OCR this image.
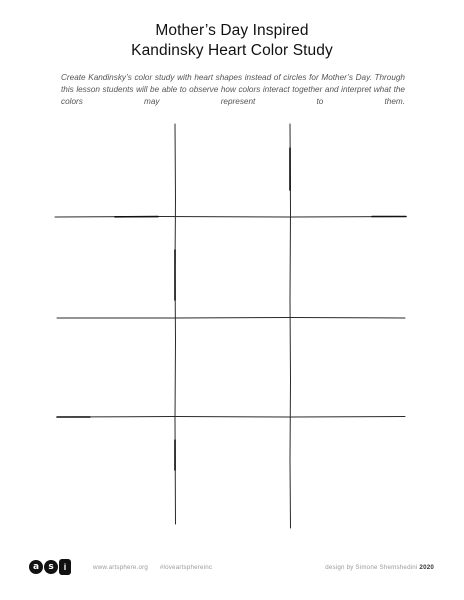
Mother’s Day Inspired
Kandinsky Heart Color Study

Create Kandinsky’s color study with heart shapes instead of circles for Mother’s Day. Through this lesson students will be able to observe how colors interact together and interpret what the colors may represent to them.

a	s	i	www.artsphere.org #loveartsphereinc	design by Simone Shemshedini 2020
